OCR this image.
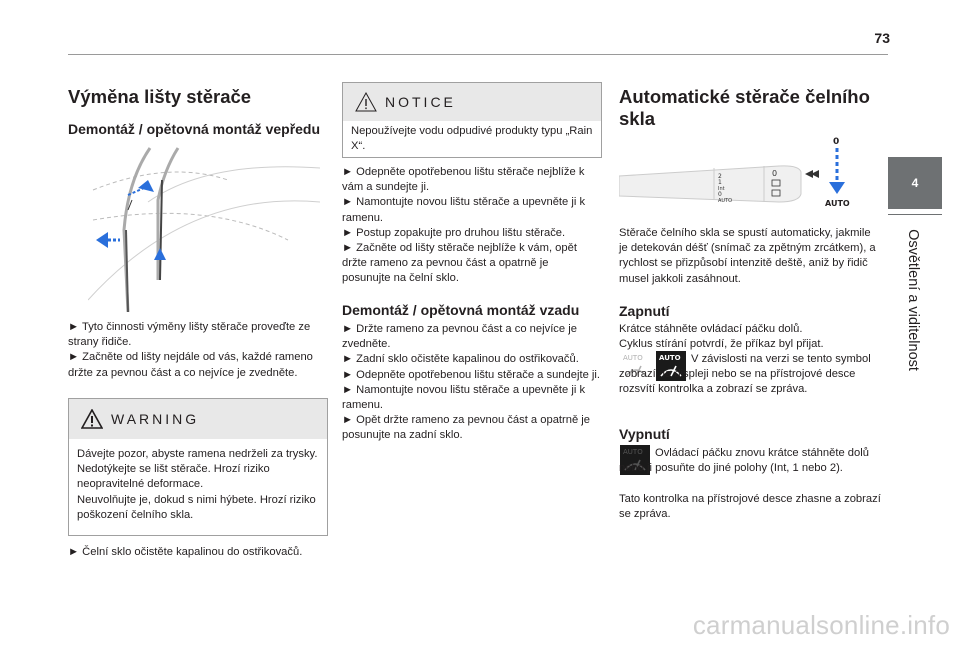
73
4
Osvětlení a viditelnost
Výměna lišty stěrače
Demontáž / opětovná montáž vepředu
► Tyto činnosti výměny lišty stěrače proveďte ze strany řidiče.
► Začněte od lišty nejdále od vás, každé rameno držte za pevnou část a co nejvíce je zvedněte.
WARNING
Dávejte pozor, abyste ramena nedrželi za trysky.
Nedotýkejte se lišt stěrače. Hrozí riziko neopravitelné deformace.
Neuvolňujte je, dokud s nimi hýbete. Hrozí riziko poškození čelního skla.
► Čelní sklo očistěte kapalinou do ostřikovačů.
NOTICE
Nepoužívejte vodu odpudivé produkty typu „Rain X“.
► Odepněte opotřebenou lištu stěrače nejblíže k vám a sundejte ji.
► Namontujte novou lištu stěrače a upevněte ji k ramenu.
► Postup zopakujte pro druhou lištu stěrače.
► Začněte od lišty stěrače nejblíže k vám, opět držte rameno za pevnou část a opatrně je posunujte na čelní sklo.
Demontáž / opětovná montáž vzadu
► Držte rameno za pevnou část a co nejvíce je zvedněte.
► Zadní sklo očistěte kapalinou do ostřikovačů.
► Odepněte opotřebenou lištu stěrače a sundejte ji.
► Namontujte novou lištu stěrače a upevněte ji k ramenu.
► Opět držte rameno za pevnou část a opatrně je posunujte na zadní sklo.
Automatické stěrače čelního
skla
2
1
Int
0
AUTO
0
0
AUTO
Stěrače čelního skla se spustí automaticky, jakmile je detekován déšť (snímač za zpětným zrcátkem), a rychlost se přizpůsobí intenzitě deště, aniž by řidič musel jakkoli zasáhnout.
Zapnutí
Krátce stáhněte ovládací páčku dolů.
Cyklus stírání potvrdí, že příkaz byl přijat.
AUTO AUTO V závislosti na verzi se tento symbol zobrazí na displeji nebo se na přístrojové desce rozsvítí kontrolka a zobrazí se zpráva.
Vypnutí
AUTO	Ovládací páčku znovu krátce stáhněte dolů nebo ji posuňte do jiné polohy (Int, 1 nebo 2).
Tato kontrolka na přístrojové desce zhasne a zobrazí se zpráva.
carmanualsonline.info
